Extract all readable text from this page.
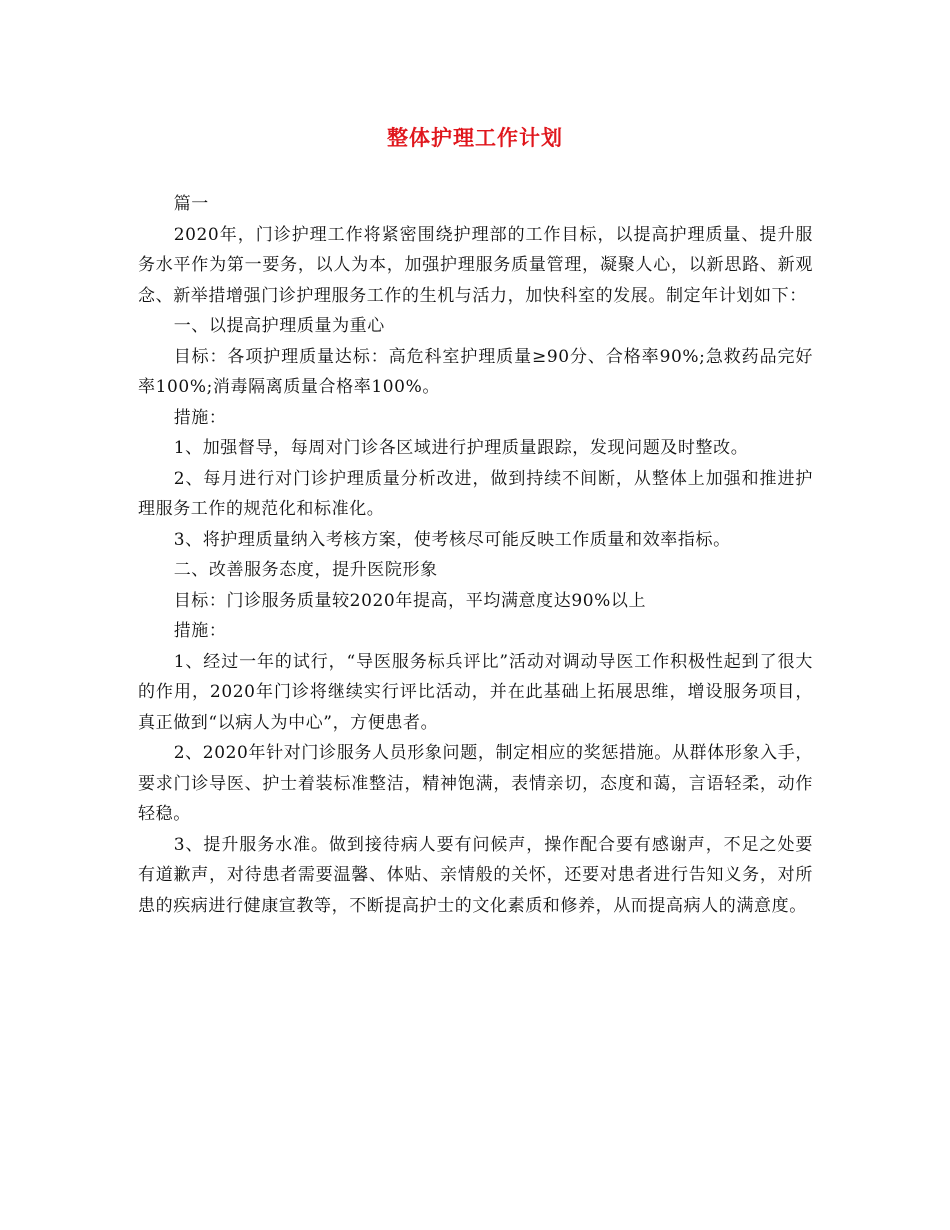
整体护理工作计划

篇一

2020年，门诊护理工作将紧密围绕护理部的工作目标，以提高护理质量、提升服务水平作为第一要务，以人为本，加强护理服务质量管理，凝聚人心，以新思路、新观念、新举措增强门诊护理服务工作的生机与活力，加快科室的发展。制定年计划如下：

一、以提高护理质量为重心

目标：各项护理质量达标：高危科室护理质量≥90分、合格率90%;急救药品完好率100%;消毒隔离质量合格率100%。

措施：

1、加强督导，每周对门诊各区域进行护理质量跟踪，发现问题及时整改。

2、每月进行对门诊护理质量分析改进，做到持续不间断，从整体上加强和推进护理服务工作的规范化和标准化。

3、将护理质量纳入考核方案，使考核尽可能反映工作质量和效率指标。

二、改善服务态度，提升医院形象

目标：门诊服务质量较2020年提高，平均满意度达90%以上

措施：

1、经过一年的试行，“导医服务标兵评比”活动对调动导医工作积极性起到了很大的作用，2020年门诊将继续实行评比活动，并在此基础上拓展思维，增设服务项目，真正做到“以病人为中心”，方便患者。

2、2020年针对门诊服务人员形象问题，制定相应的奖惩措施。从群体形象入手，要求门诊导医、护士着装标准整洁，精神饱满，表情亲切，态度和蔼，言语轻柔，动作轻稳。

3、提升服务水准。做到接待病人要有问候声，操作配合要有感谢声，不足之处要有道歉声，对待患者需要温馨、体贴、亲情般的关怀，还要对患者进行告知义务，对所患的疾病进行健康宣教等，不断提高护士的文化素质和修养，从而提高病人的满意度。
